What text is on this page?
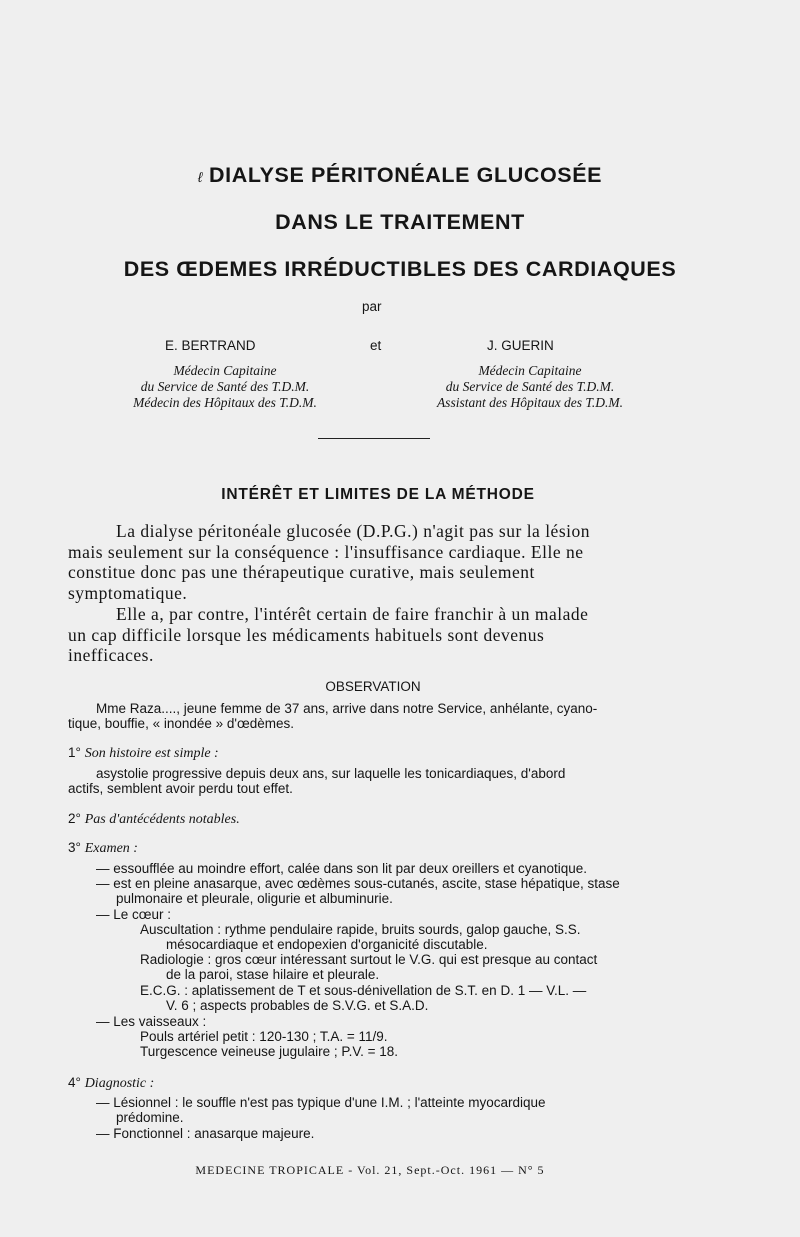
ℓ DIALYSE PÉRITONÉALE GLUCOSÉE
DANS LE TRAITEMENT
DES ŒDEMES IRRÉDUCTIBLES DES CARDIAQUES
par
E. BERTRAND	et	J. GUERIN
Médecin Capitaine
du Service de Santé des T.D.M.
Médecin des Hôpitaux des T.D.M.
Médecin Capitaine
du Service de Santé des T.D.M.
Assistant des Hôpitaux des T.D.M.
INTÉRÊT ET LIMITES DE LA MÉTHODE
La dialyse péritonéale glucosée (D.P.G.) n'agit pas sur la lésion
mais seulement sur la conséquence : l'insuffisance cardiaque. Elle ne
constitue donc pas une thérapeutique curative, mais seulement
symptomatique.
Elle a, par contre, l'intérêt certain de faire franchir à un malade
un cap difficile lorsque les médicaments habituels sont devenus
inefficaces.
OBSERVATION
Mme Raza...., jeune femme de 37 ans, arrive dans notre Service, anhélante, cyano-
tique, bouffie, « inondée » d'œdèmes.
1° Son histoire est simple :
asystolie progressive depuis deux ans, sur laquelle les tonicardiaques, d'abord
actifs, semblent avoir perdu tout effet.
2° Pas d'antécédents notables.
3° Examen :
— essoufflée au moindre effort, calée dans son lit par deux oreillers et cyanotique.
— est en pleine anasarque, avec œdèmes sous-cutanés, ascite, stase hépatique, stase
pulmonaire et pleurale, oligurie et albuminurie.
— Le cœur :
Auscultation : rythme pendulaire rapide, bruits sourds, galop gauche, S.S.
mésocardiaque et endopexien d'organicité discutable.
Radiologie : gros cœur intéressant surtout le V.G. qui est presque au contact
de la paroi, stase hilaire et pleurale.
E.C.G. : aplatissement de T et sous-dénivellation de S.T. en D. 1 — V.L. —
V. 6 ; aspects probables de S.V.G. et S.A.D.
— Les vaisseaux :
Pouls artériel petit : 120-130 ; T.A. = 11/9.
Turgescence veineuse jugulaire ; P.V. = 18.
4° Diagnostic :
— Lésionnel : le souffle n'est pas typique d'une I.M. ; l'atteinte myocardique
prédomine.
— Fonctionnel : anasarque majeure.
MEDECINE TROPICALE - Vol. 21, Sept.-Oct. 1961 — N° 5
